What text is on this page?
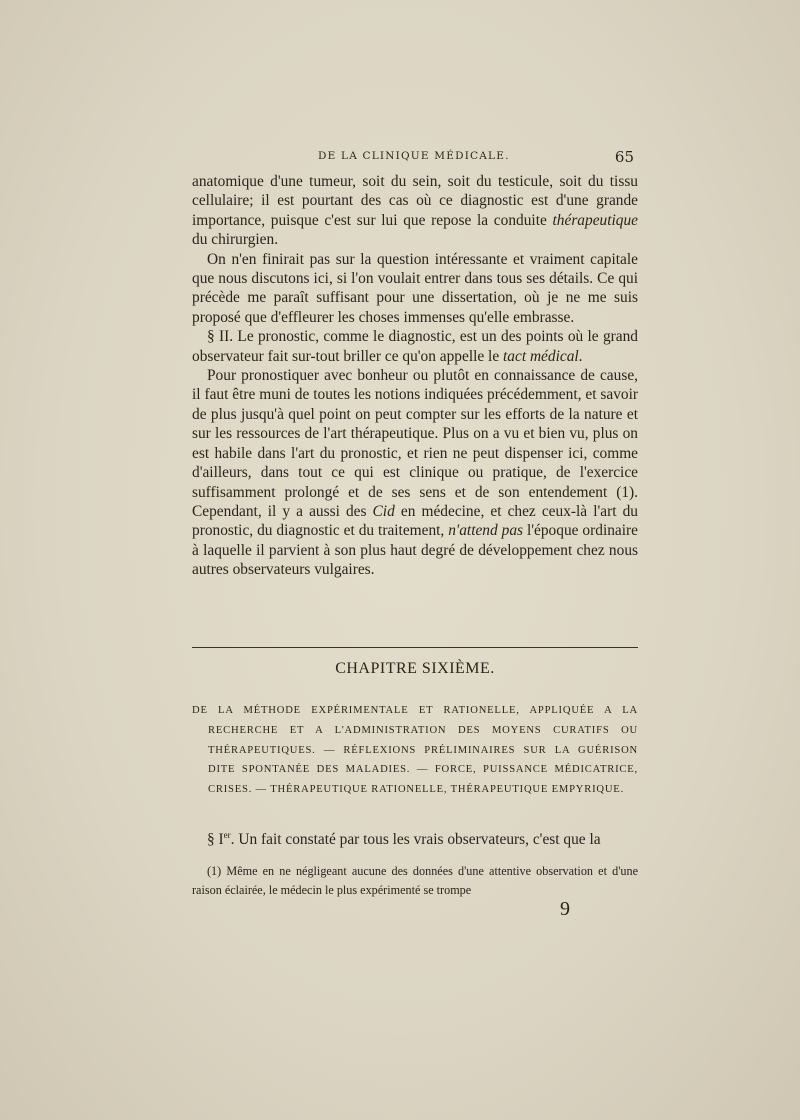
DE LA CLINIQUE MÉDICALE.	65

anatomique d'une tumeur, soit du sein, soit du testicule, soit du tissu cellulaire; il est pourtant des cas où ce diagnostic est d'une grande importance, puisque c'est sur lui que repose la conduite thérapeutique du chirurgien.

On n'en finirait pas sur la question intéressante et vraiment capitale que nous discutons ici, si l'on voulait entrer dans tous ses détails. Ce qui précède me paraît suffisant pour une dissertation, où je ne me suis proposé que d'effleurer les choses immenses qu'elle embrasse.

§ II. Le pronostic, comme le diagnostic, est un des points où le grand observateur fait sur-tout briller ce qu'on appelle le tact médical.

Pour pronostiquer avec bonheur ou plutôt en connaissance de cause, il faut être muni de toutes les notions indiquées précédemment, et savoir de plus jusqu'à quel point on peut compter sur les efforts de la nature et sur les ressources de l'art thérapeutique. Plus on a vu et bien vu, plus on est habile dans l'art du pronostic, et rien ne peut dispenser ici, comme d'ailleurs, dans tout ce qui est clinique ou pratique, de l'exercice suffisamment prolongé et de ses sens et de son entendement (1). Cependant, il y a aussi des Cid en médecine, et chez ceux-là l'art du pronostic, du diagnostic et du traitement, n'attend pas l'époque ordinaire à laquelle il parvient à son plus haut degré de développement chez nous autres observateurs vulgaires.

CHAPITRE SIXIÈME.
DE LA MÉTHODE EXPÉRIMENTALE ET RATIONELLE, APPLIQUÉE A LA RECHERCHE ET A L'ADMINISTRATION DES MOYENS CURATIFS OU THÉRAPEUTIQUES. — RÉFLEXIONS PRÉLIMINAIRES SUR LA GUÉRISON DITE SPONTANÉE DES MALADIES. — FORCE, PUISSANCE MÉDICATRICE, CRISES. — THÉRAPEUTIQUE RATIONELLE, THÉRAPEUTIQUE EMPYRIQUE.
§ Ier. Un fait constaté par tous les vrais observateurs, c'est que la
(1) Même en ne négligeant aucune des données d'une attentive observation et d'une raison éclairée, le médecin le plus expérimenté se trompe
9
